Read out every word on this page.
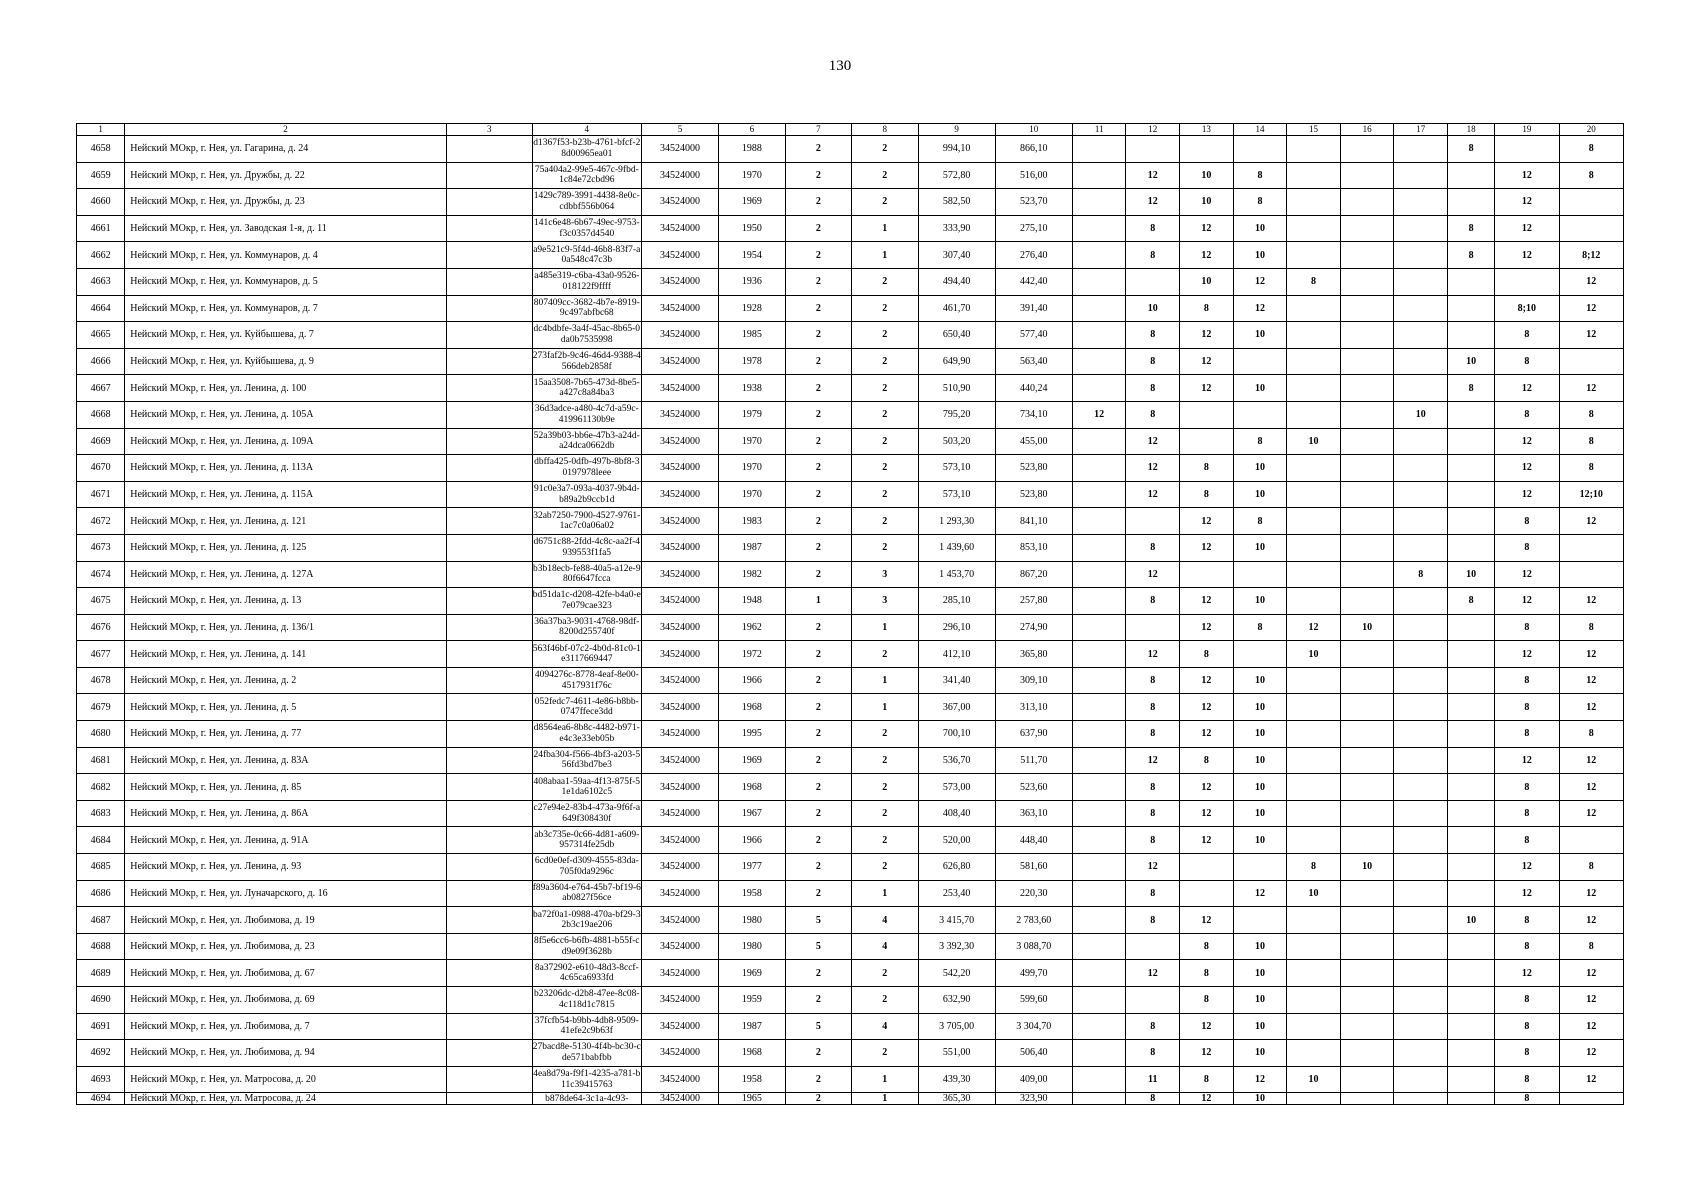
130
1	2	3	4	5	6	7	8	9	10	11	12	13	14	15	16	17	18	19	20
4658	Нейский МОкр, г. Нея, ул. Гагарина, д. 24		d1367f53-b23b-4761-bfcf-28d00965ea01	34524000	1988	2	2	994,10	866,10								8		8
4659	Нейский МОкр, г. Нея, ул. Дружбы, д. 22		75a404a2-99e5-467c-9fbd-1c84e72cbd96	34524000	1970	2	2	572,80	516,00		12	10	8					12	8
4660	Нейский МОкр, г. Нея, ул. Дружбы, д. 23		1429c789-3991-4438-8e0c-cdbbf556b064	34524000	1969	2	2	582,50	523,70		12	10	8					12	
4661	Нейский МОкр, г. Нея, ул. Заводская 1-я, д. 11		141c6e48-6b67-49ec-9753-f3c0357d4540	34524000	1950	2	1	333,90	275,10		8	12	10				8	12	
4662	Нейский МОкр, г. Нея, ул. Коммунаров, д. 4		a9e521c9-5f4d-46b8-83f7-a0a548c47c3b	34524000	1954	2	1	307,40	276,40		8	12	10				8	12	8;12
4663	Нейский МОкр, г. Нея, ул. Коммунаров, д. 5		a485e319-c6ba-43a0-9526-018122f9ffff	34524000	1936	2	2	494,40	442,40			10	12	8					12
4664	Нейский МОкр, г. Нея, ул. Коммунаров, д. 7		807409cc-3682-4b7e-8919-9c497abfbc68	34524000	1928	2	2	461,70	391,40		10	8	12					8;10	12
4665	Нейский МОкр, г. Нея, ул. Куйбышева, д. 7		dc4bdbfe-3a4f-45ac-8b65-0da0b7535998	34524000	1985	2	2	650,40	577,40		8	12	10					8	12
4666	Нейский МОкр, г. Нея, ул. Куйбышева, д. 9		273faf2b-9c46-46d4-9388-4566deb2858f	34524000	1978	2	2	649,90	563,40		8	12					10	8	
4667	Нейский МОкр, г. Нея, ул. Ленина, д. 100		15aa3508-7b65-473d-8be5-a427c8a84ba3	34524000	1938	2	2	510,90	440,24		8	12	10				8	12	12
4668	Нейский МОкр, г. Нея, ул. Ленина, д. 105А		36d3adce-a480-4c7d-a59c-419961130b9e	34524000	1979	2	2	795,20	734,10	12	8					10		8	8
4669	Нейский МОкр, г. Нея, ул. Ленина, д. 109А		52a39b03-bb6e-47b3-a24d-a24dca0662db	34524000	1970	2	2	503,20	455,00		12		8	10				12	8
4670	Нейский МОкр, г. Нея, ул. Ленина, д. 113А		dbffa425-0dfb-497b-8bf8-30197978leee	34524000	1970	2	2	573,10	523,80		12	8	10					12	8
4671	Нейский МОкр, г. Нея, ул. Ленина, д. 115А		91c0e3a7-093a-4037-9b4d-b89a2b9ccb1d	34524000	1970	2	2	573,10	523,80		12	8	10					12	12;10
4672	Нейский МОкр, г. Нея, ул. Ленина, д. 121		32ab7250-7900-4527-9761-1ac7c0a06a02	34524000	1983	2	2	1 293,30	841,10			12	8					8	12
4673	Нейский МОкр, г. Нея, ул. Ленина, д. 125		d6751c88-2fdd-4c8c-aa2f-4939553f1fa5	34524000	1987	2	2	1 439,60	853,10		8	12	10					8	
4674	Нейский МОкр, г. Нея, ул. Ленина, д. 127А		b3b18ecb-fe88-40a5-a12e-980f6647fcca	34524000	1982	2	3	1 453,70	867,20		12					8	10	12	
4675	Нейский МОкр, г. Нея, ул. Ленина, д. 13		bd51da1c-d208-42fe-b4a0-e7e079cae323	34524000	1948	1	3	285,10	257,80		8	12	10				8	12	12
4676	Нейский МОкр, г. Нея, ул. Ленина, д. 136/1		36a37ba3-9031-4768-98df-8200d255740f	34524000	1962	2	1	296,10	274,90			12	8	12	10			8	8
4677	Нейский МОкр, г. Нея, ул. Ленина, д. 141		563f46bf-07c2-4b0d-81c0-1e3117669447	34524000	1972	2	2	412,10	365,80		12	8		10				12	12
4678	Нейский МОкр, г. Нея, ул. Ленина, д. 2		4094276c-8778-4eaf-8e00-4517931f76c	34524000	1966	2	1	341,40	309,10		8	12	10					8	12
4679	Нейский МОкр, г. Нея, ул. Ленина, д. 5		052fedc7-4611-4e86-b8bb-0747ffece3dd	34524000	1968	2	1	367,00	313,10		8	12	10					8	12
4680	Нейский МОкр, г. Нея, ул. Ленина, д. 77		d8564ea6-8b8c-4482-b971-e4c3e33eb05b	34524000	1995	2	2	700,10	637,90		8	12	10					8	8
4681	Нейский МОкр, г. Нея, ул. Ленина, д. 83А		24fba304-f566-4bf3-a203-556fd3bd7be3	34524000	1969	2	2	536,70	511,70		12	8	10					12	12
4682	Нейский МОкр, г. Нея, ул. Ленина, д. 85		408abaa1-59aa-4f13-875f-51e1da6102c5	34524000	1968	2	2	573,00	523,60		8	12	10					8	12
4683	Нейский МОкр, г. Нея, ул. Ленина, д. 86А		c27e94e2-83b4-473a-9f6f-a649f308430f	34524000	1967	2	2	408,40	363,10		8	12	10					8	12
4684	Нейский МОкр, г. Нея, ул. Ленина, д. 91А		ab3c735e-0c66-4d81-a609-957314fe25db	34524000	1966	2	2	520,00	448,40		8	12	10					8	
4685	Нейский МОкр, г. Нея, ул. Ленина, д. 93		6cd0e0ef-d309-4555-83da-705f0da9296c	34524000	1977	2	2	626,80	581,60		12			8	10			12	8
4686	Нейский МОкр, г. Нея, ул. Луначарского, д. 16		f89a3604-e764-45b7-bf19-6ab0827f56ce	34524000	1958	2	1	253,40	220,30		8		12	10				12	12
4687	Нейский МОкр, г. Нея, ул. Любимова, д. 19		ba72f0a1-0988-470a-bf29-32b3c19ae206	34524000	1980	5	4	3 415,70	2 783,60		8	12					10	8	12
4688	Нейский МОкр, г. Нея, ул. Любимова, д. 23		8f5e6cc6-b6fb-4881-b55f-cd9e09f3628b	34524000	1980	5	4	3 392,30	3 088,70			8	10					8	8
4689	Нейский МОкр, г. Нея, ул. Любимова, д. 67		8a372902-e610-48d3-8ccf-4c65ca6933fd	34524000	1969	2	2	542,20	499,70		12	8	10					12	12
4690	Нейский МОкр, г. Нея, ул. Любимова, д. 69		b23206dc-d2b8-47ee-8c08-4c118d1c7815	34524000	1959	2	2	632,90	599,60			8	10					8	12
4691	Нейский МОкр, г. Нея, ул. Любимова, д. 7		37fcfb54-b9bb-4db8-9509-41efe2c9b63f	34524000	1987	5	4	3 705,00	3 304,70		8	12	10					8	12
4692	Нейский МОкр, г. Нея, ул. Любимова, д. 94		27bacd8e-5130-4f4b-bc30-cde571babfbb	34524000	1968	2	2	551,00	506,40		8	12	10					8	12
4693	Нейский МОкр, г. Нея, ул. Матросова, д. 20		4ea8d79a-f9f1-4235-a781-b11c39415763	34524000	1958	2	1	439,30	409,00		11	8	12	10				8	12
4694	Нейский МОкр, г. Нея, ул. Матросова, д. 24		b878de64-3c1a-4c93-	34524000	1965	2	1	365,30	323,90		8	12	10					8	
